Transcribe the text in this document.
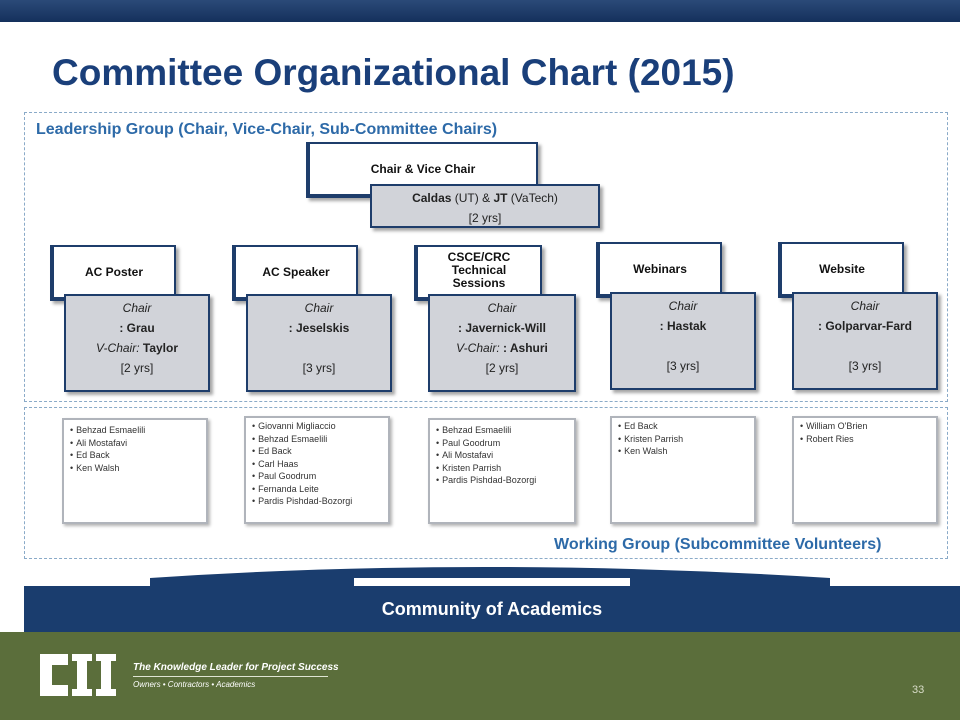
Committee Organizational Chart (2015)
Leadership Group (Chair, Vice-Chair, Sub-Committee Chairs)
Chair & Vice Chair
Caldas (UT) & JT (VaTech)
[2 yrs]
AC Poster
Chair
: Grau
V-Chair: Taylor
[2 yrs]
AC Speaker
Chair
: Jeselskis

[3 yrs]
CSCE/CRC Technical Sessions
Chair
: Javernick-Will
V-Chair: : Ashuri
[2 yrs]
Webinars
Chair
: Hastak

[3 yrs]
Website
Chair
: Golparvar-Fard

[3 yrs]
• Behzad Esmaelili
• Ali Mostafavi
• Ed Back
• Ken Walsh
• Giovanni Migliaccio
• Behzad Esmaelili
• Ed Back
• Carl Haas
• Paul Goodrum
• Fernanda Leite
• Pardis Pishdad-Bozorgi
• Behzad Esmaelili
• Paul Goodrum
• Ali Mostafavi
• Kristen Parrish
• Pardis Pishdad-Bozorgi
• Ed Back
• Kristen Parrish
• Ken Walsh
• William O'Brien
• Robert Ries
Working Group (Subcommittee Volunteers)
Community of Academics
The Knowledge Leader for Project Success
Owners • Contractors • Academics	33
